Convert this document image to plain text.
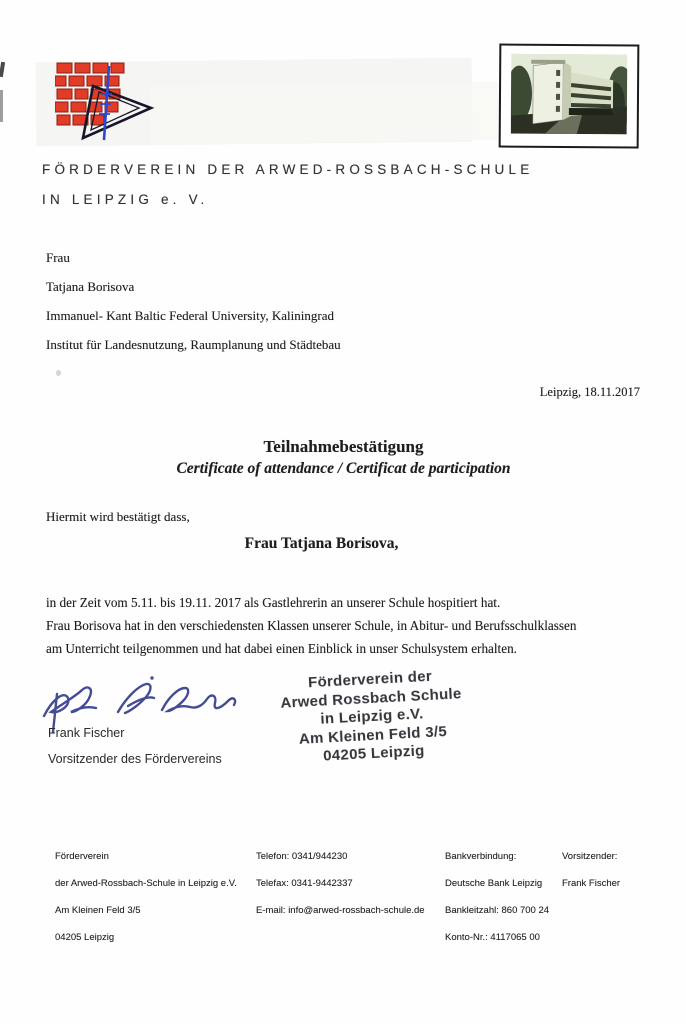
FÖRDERVEREIN DER ARWED-ROSSBACH-SCHULE
IN LEIPZIG e. V.
Frau
Tatjana Borisova
Immanuel- Kant Baltic Federal University, Kaliningrad
Institut für Landesnutzung, Raumplanung und Städtebau
Leipzig, 18.11.2017
Teilnahmebestätigung
Certificate of attendance / Certificat de participation
Hiermit wird bestätigt dass,
Frau Tatjana Borisova,
in der Zeit vom 5.11. bis 19.11. 2017 als Gastlehrerin an unserer Schule hospitiert hat.
Frau Borisova hat in den verschiedensten Klassen unserer Schule, in Abitur- und Berufsschulklassen
am Unterricht teilgenommen und hat dabei einen Einblick in unser Schulsystem erhalten.
Frank Fischer
Vorsitzender des Fördervereins
Förderverein der
Arwed Rossbach Schule
in Leipzig e.V.
Am Kleinen Feld 3/5
04205 Leipzig
Förderverein
der Arwed-Rossbach-Schule in Leipzig e.V.
Am Kleinen Feld 3/5
04205 Leipzig
Telefon: 0341/944230
Telefax: 0341-9442337
E-mail: info@arwed-rossbach-schule.de
Bankverbindung:
Deutsche Bank Leipzig
Bankleitzahl: 860 700 24
Konto-Nr.: 4117065 00
Vorsitzender:
Frank Fischer
